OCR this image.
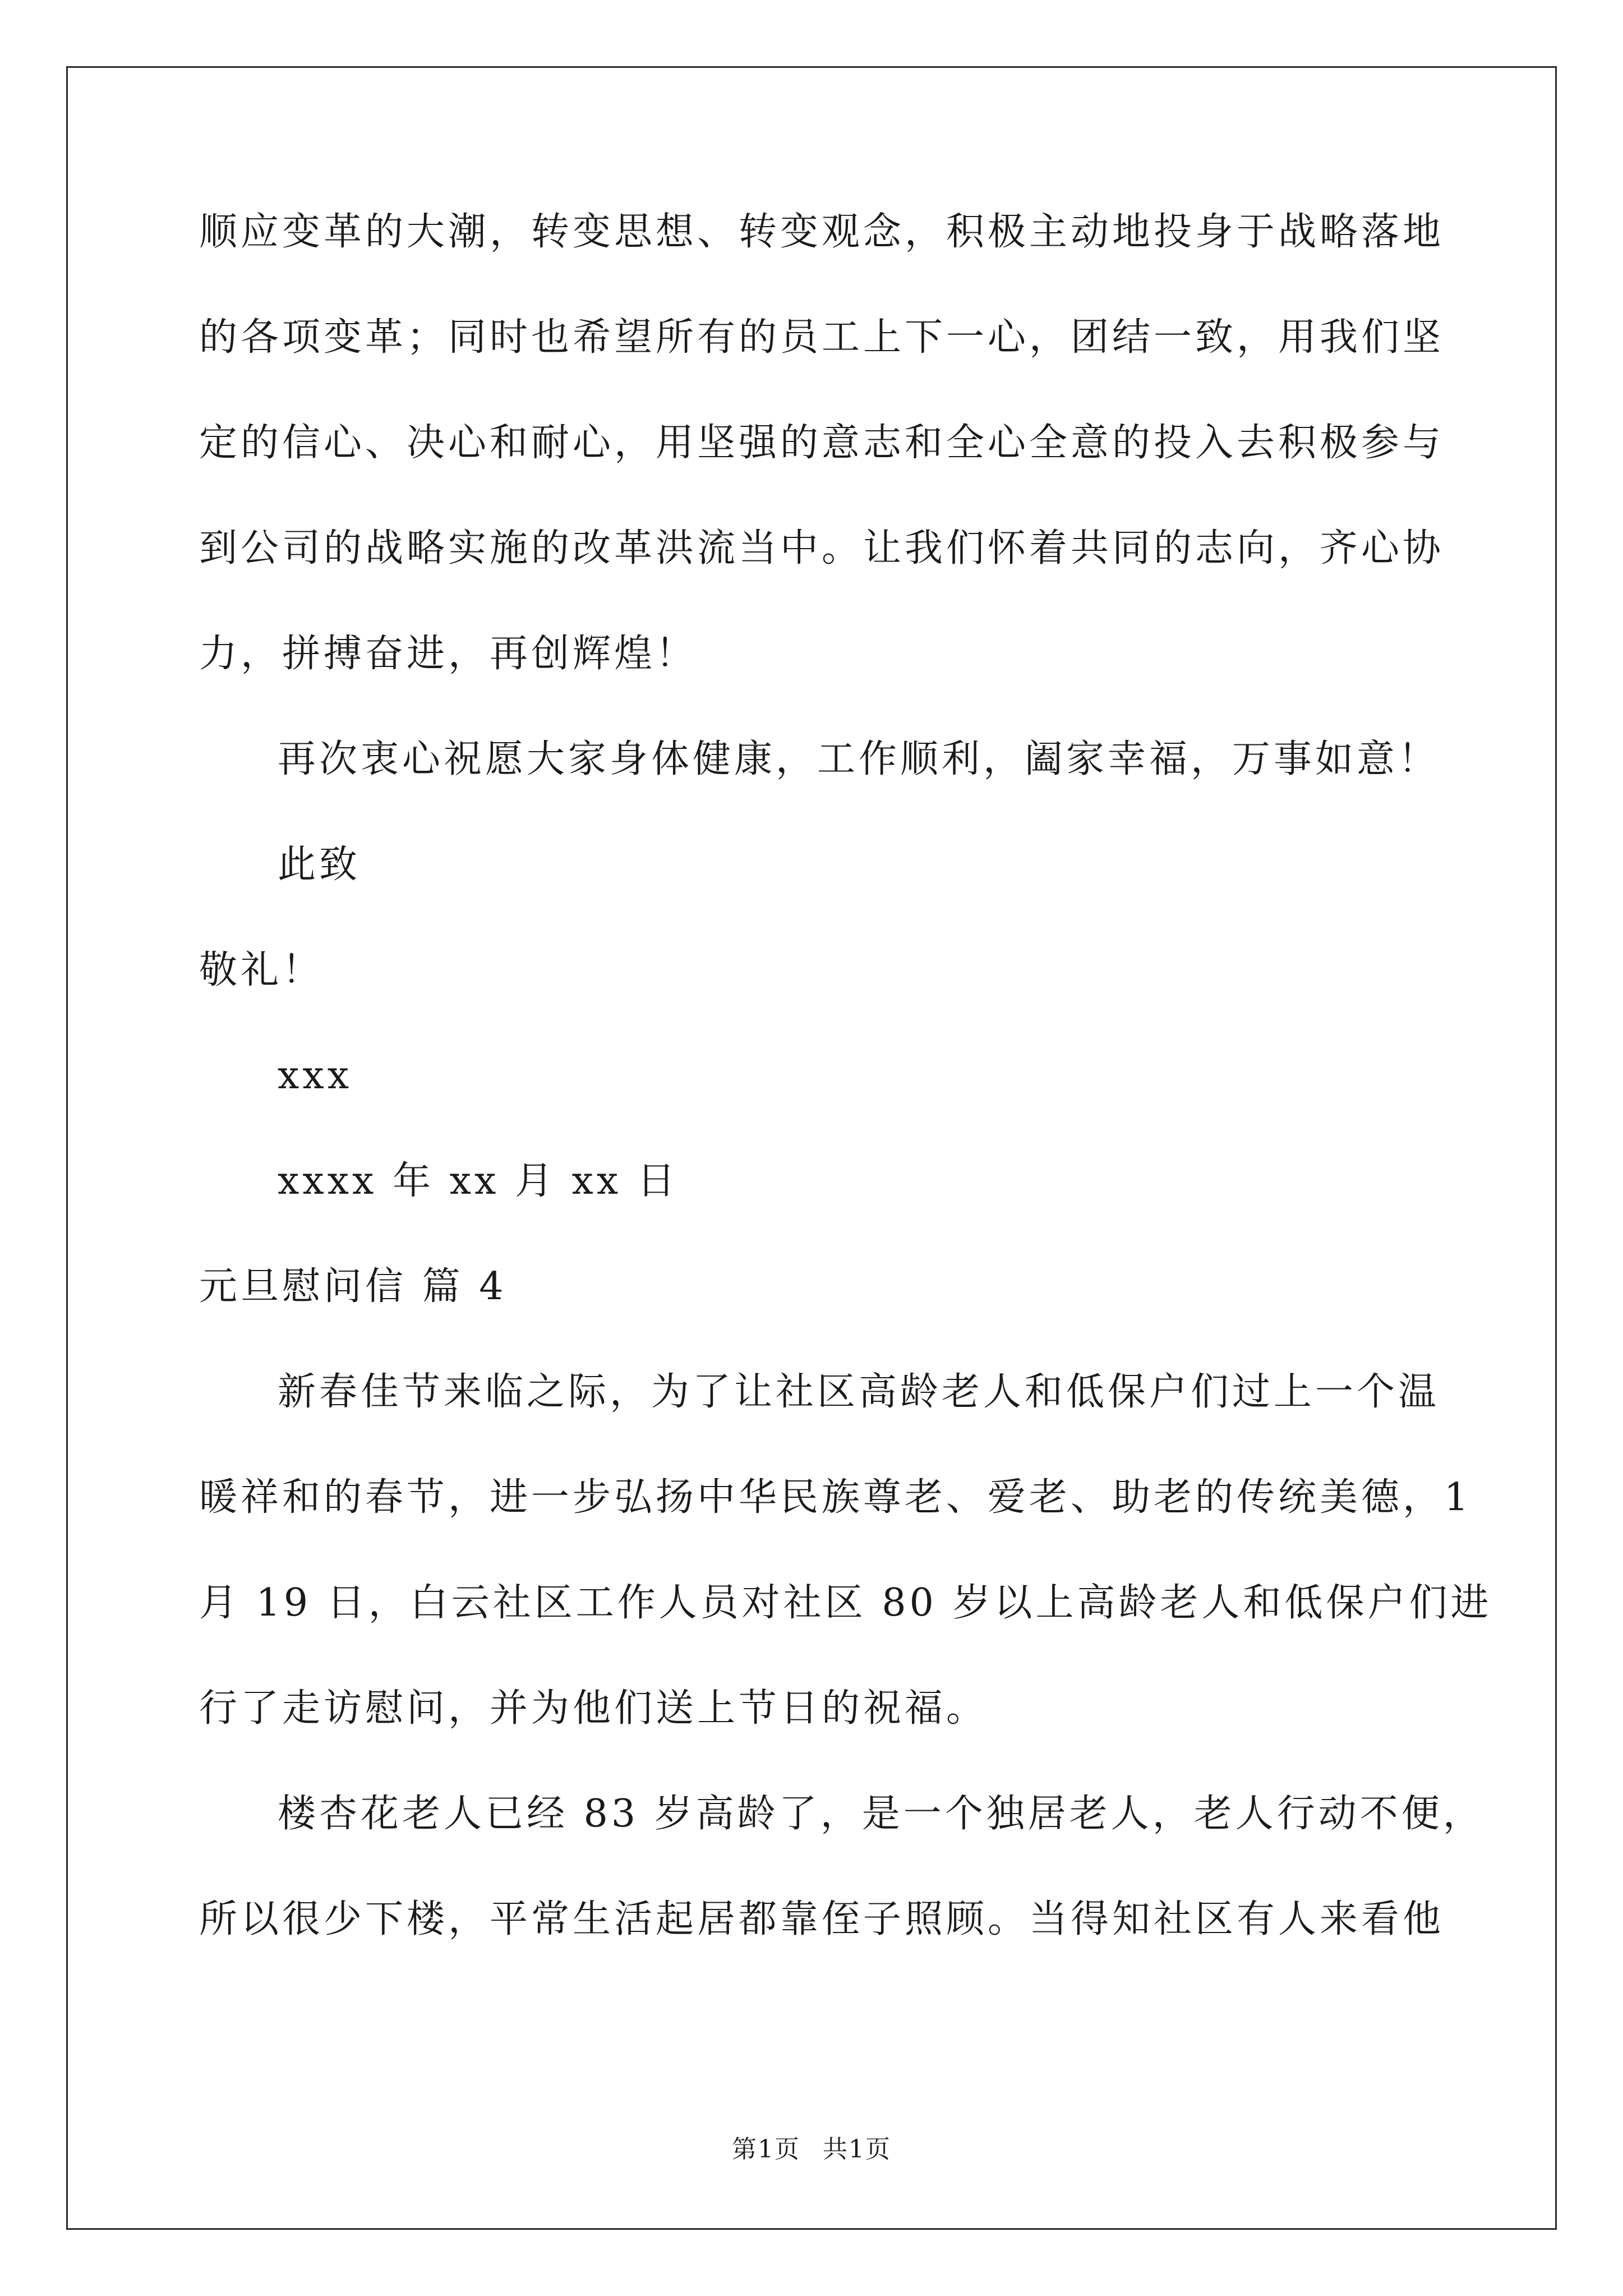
顺应变革的大潮，转变思想、转变观念，积极主动地投身于战略落地
的各项变革；同时也希望所有的员工上下一心，团结一致，用我们坚
定的信心、决心和耐心，用坚强的意志和全心全意的投入去积极参与
到公司的战略实施的改革洪流当中。让我们怀着共同的志向，齐心协
力，拼搏奋进，再创辉煌！
再次衷心祝愿大家身体健康，工作顺利，阖家幸福，万事如意！
此致
敬礼！
xxx
xxxx 年 xx 月 xx 日
元旦慰问信 篇 4
新春佳节来临之际，为了让社区高龄老人和低保户们过上一个温
暖祥和的春节，进一步弘扬中华民族尊老、爱老、助老的传统美德，1
月 19 日，白云社区工作人员对社区 80 岁以上高龄老人和低保户们进
行了走访慰问，并为他们送上节日的祝福。
楼杏花老人已经 83 岁高龄了，是一个独居老人，老人行动不便，
所以很少下楼，平常生活起居都靠侄子照顾。当得知社区有人来看他
第1页 共1页
